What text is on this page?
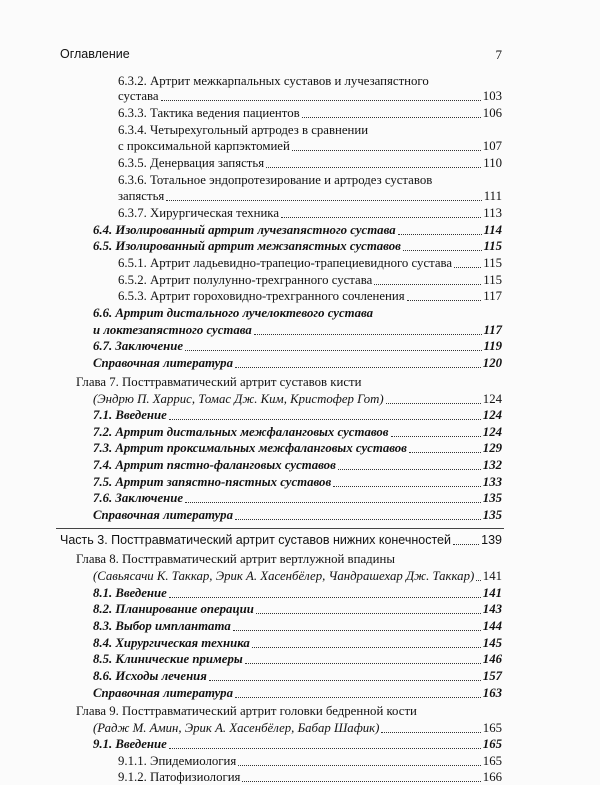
Оглавление	7
6.3.2. Артрит межкарпальных суставов и лучезапястного
сустава	103
6.3.3. Тактика ведения пациентов	106
6.3.4. Четырехугольный артродез в сравнении
с проксимальной карпэктомией	107
6.3.5. Денервация запястья	110
6.3.6. Тотальное эндопротезирование и артродез суставов
запястья	111
6.3.7. Хирургическая техника	113
6.4. Изолированный артрит лучезапястного сустава	114
6.5. Изолированный артрит межзапястных суставов	115
6.5.1. Артрит ладьевидно-трапецио-трапециевидного сустава 115
6.5.2. Артрит полулунно-трехгранного сустава	115
6.5.3. Артрит гороховидно-трехгранного сочленения	117
6.6. Артрит дистального лучелоктевого сустава
и локтезапястного сустава	117
6.7. Заключение	119
Справочная литература	120
Глава 7. Посттравматический артрит суставов кисти
(Эндрю П. Харрис, Томас Дж. Ким, Кристофер Гот)	124
7.1. Введение	124
7.2. Артрит дистальных межфаланговых суставов	124
7.3. Артрит проксимальных межфаланговых суставов	129
7.4. Артрит пястно-фаланговых суставов	132
7.5. Артрит запястно-пястных суставов	133
7.6. Заключение	135
Справочная литература	135
Часть 3. Посттравматический артрит суставов нижних конечностей 139
Глава 8. Посттравматический артрит вертлужной впадины
(Савьясачи К. Таккар, Эрик А. Хасенбёлер, Чандрашехар Дж. Таккар) 141
8.1. Введение	141
8.2. Планирование операции	143
8.3. Выбор имплантата	144
8.4. Хирургическая техника	145
8.5. Клинические примеры	146
8.6. Исходы лечения	157
Справочная литература	163
Глава 9. Посттравматический артрит головки бедренной кости
(Радж М. Амин, Эрик А. Хасенбёлер, Бабар Шафик)	165
9.1. Введение	165
9.1.1. Эпидемиология	165
9.1.2. Патофизиология	166
